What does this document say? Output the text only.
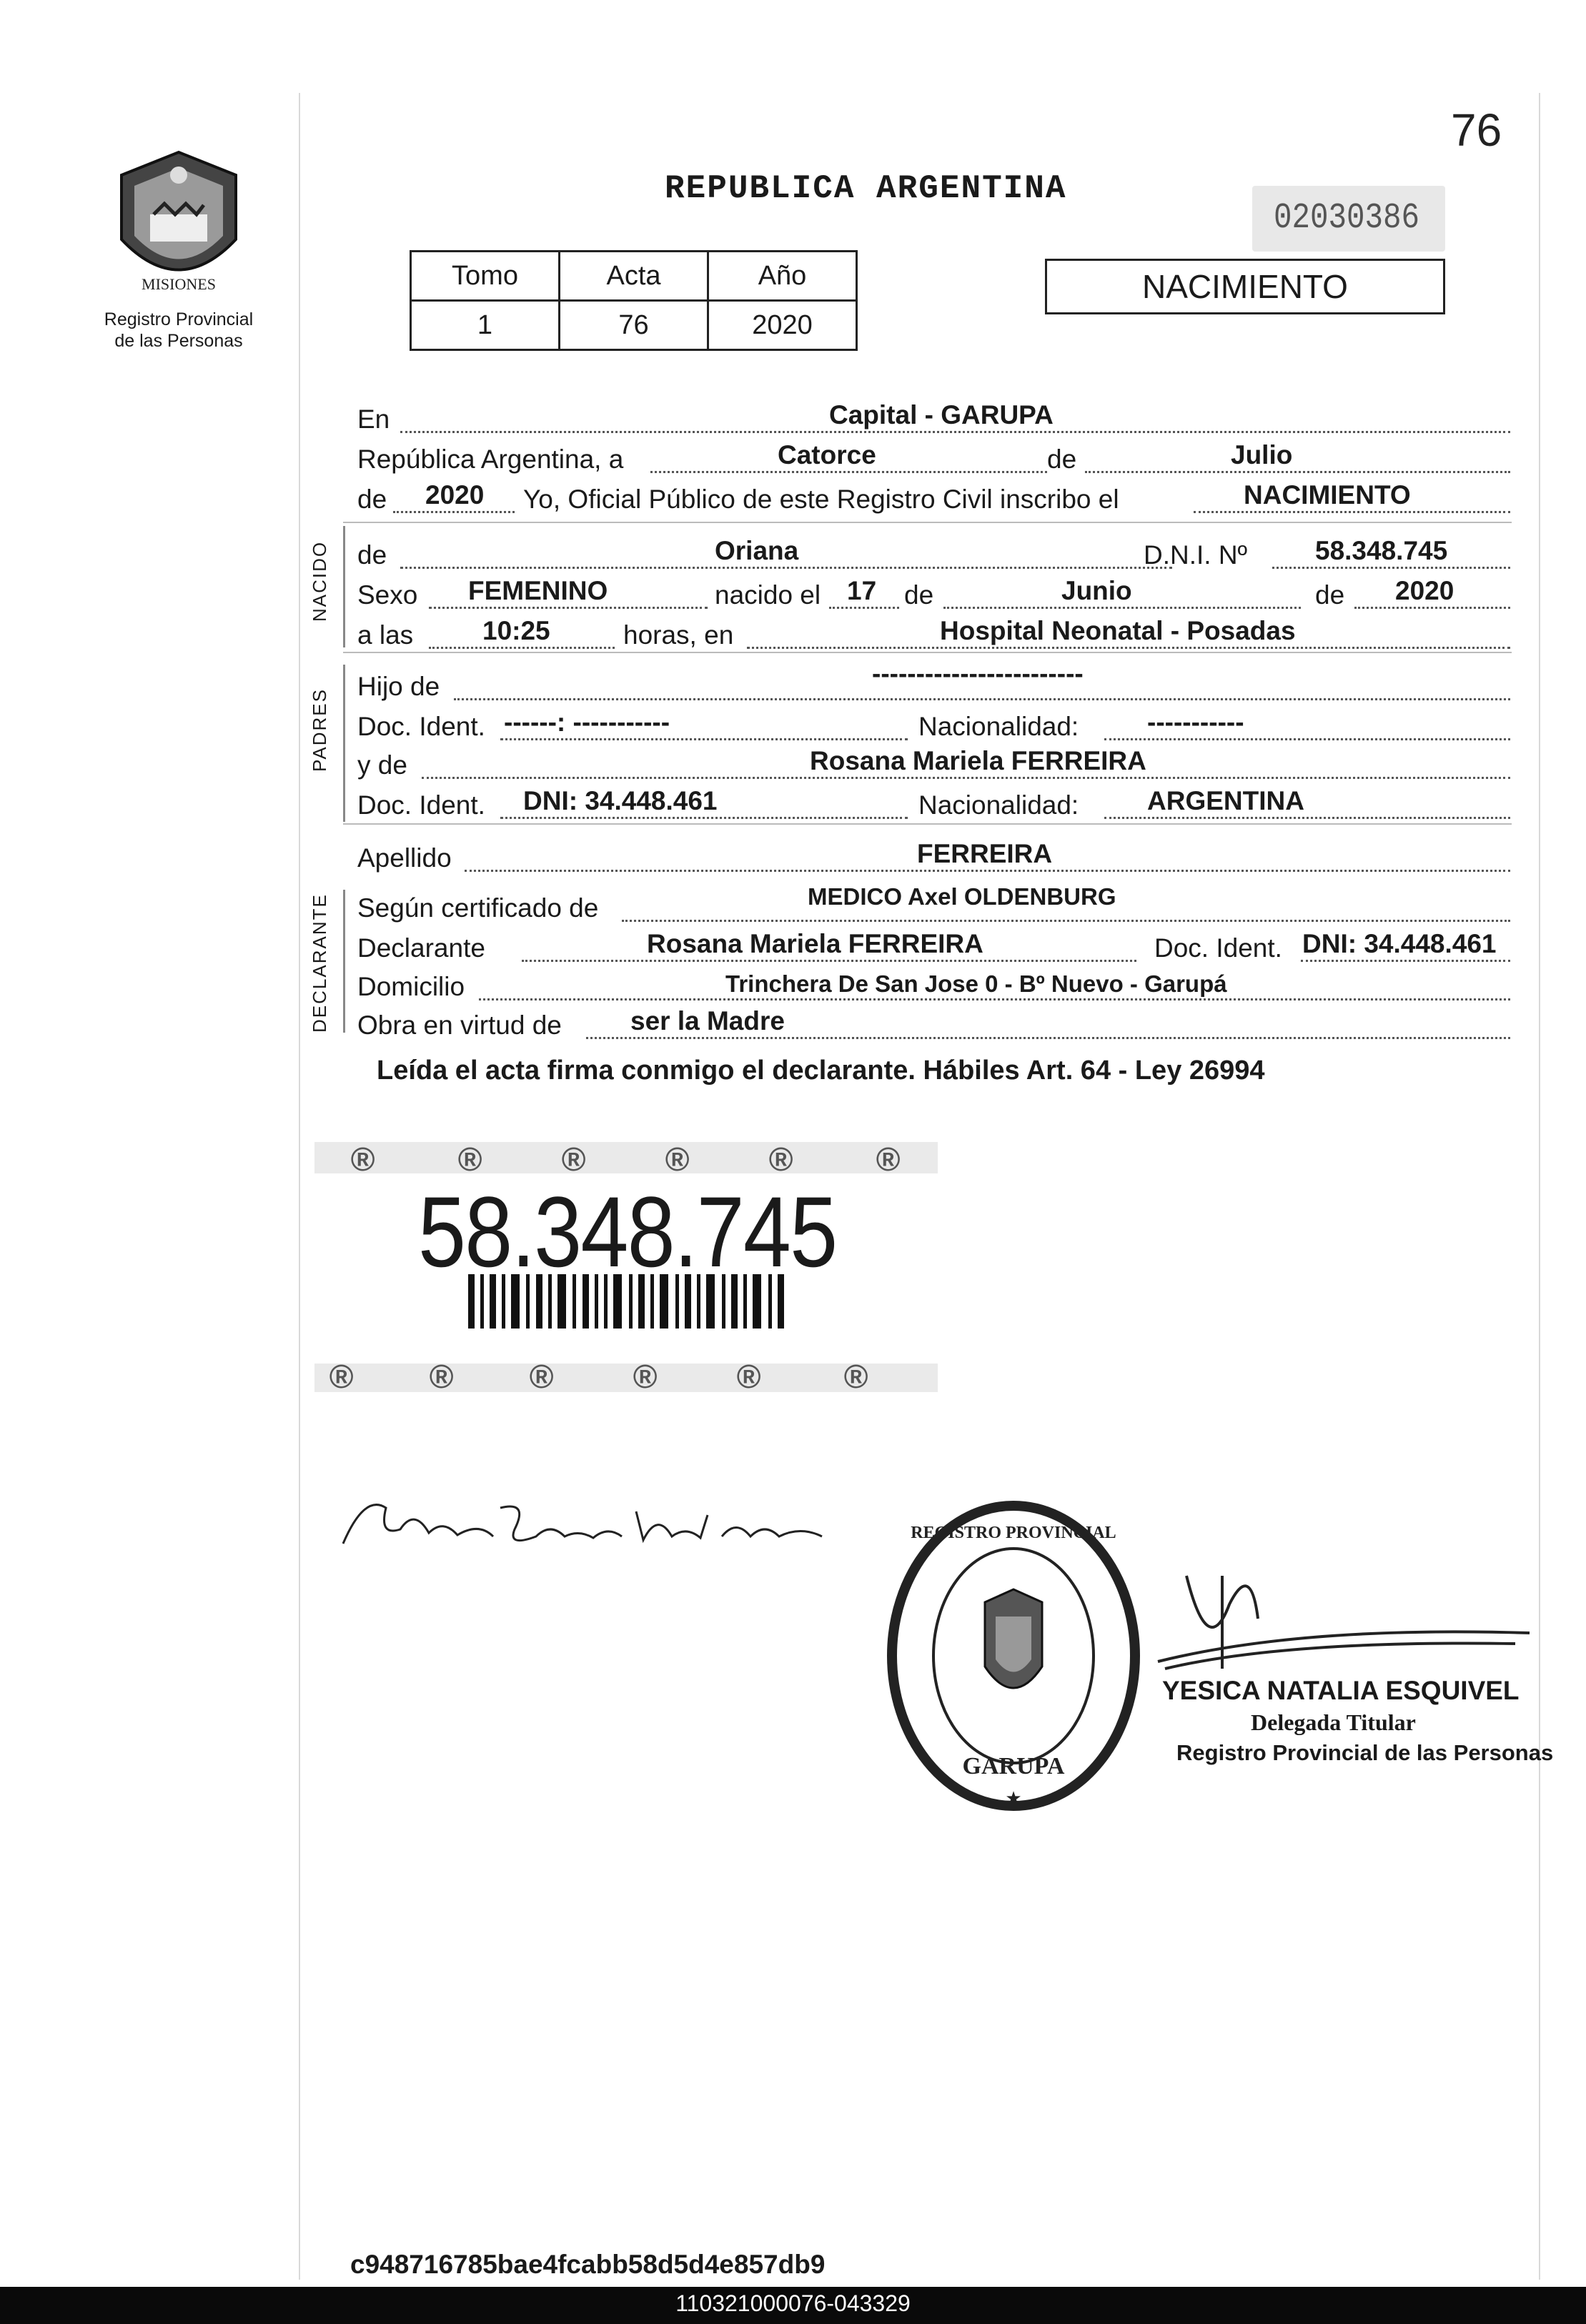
MISIONES
Registro Provincial
de las Personas
76
REPUBLICA ARGENTINA
02030386
Tomo	Acta	Año
1	76	2020
NACIMIENTO
En	Capital - GARUPA
República Argentina, a	Catorce	de	Julio
de 2020 Yo, Oficial Público de este Registro Civil inscribo el	NACIMIENTO
NACIDO de	Oriana	D.N.I. Nº	58.348.745
Sexo FEMENINO	nacido el 17 de	Junio	de 2020
a las	10:25	horas, en	Hospital Neonatal - Posadas
PADRES
Hijo de	------------------------
Doc. Ident. ------: -----------	Nacionalidad:	-----------
y de	Rosana Mariela FERREIRA
Doc. Ident. DNI: 34.448.461	Nacionalidad:	ARGENTINA
Apellido	FERREIRA
DECLARANTE Según certificado de	MEDICO Axel OLDENBURG
Declarante	Rosana Mariela FERREIRA	Doc. Ident. DNI: 34.448.461
Domicilio	Trinchera De San Jose 0 - Bº Nuevo - Garupá
Obra en virtud de	ser la Madre
Leída el acta firma conmigo el declarante. Hábiles Art. 64 - Ley 26994
®	® ® ® ®	®
® ® ® ® ®	®
58.348.745
GARUPA
REGISTRO PROVINCIAL
★
YESICA NATALIA ESQUIVEL
Delegada Titular
Registro Provincial de las Personas
c948716785bae4fcabb58d5d4e857db9
110321000076-043329
